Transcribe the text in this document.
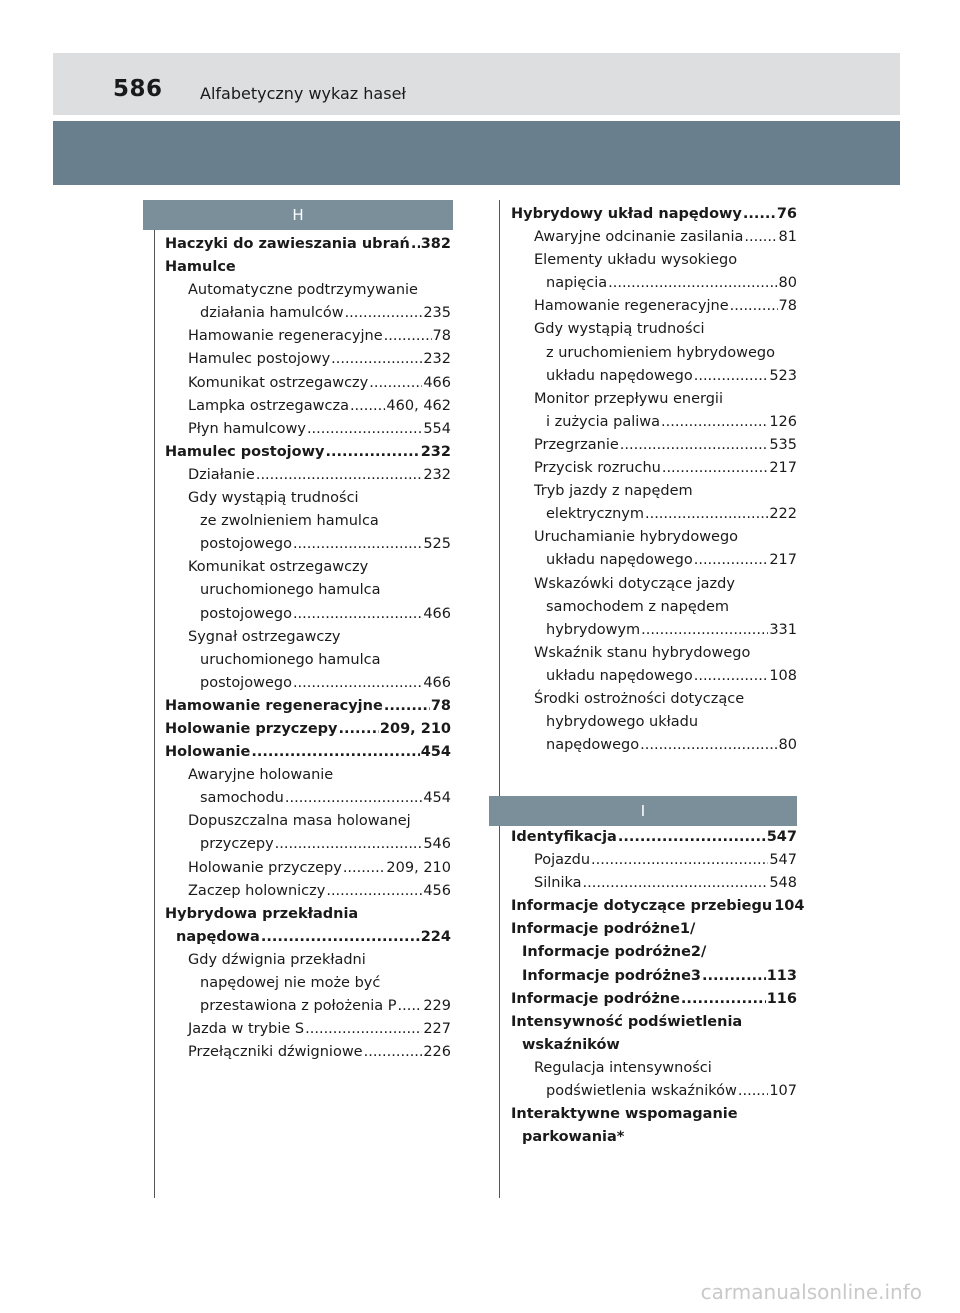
586 Alfabetyczny wykaz haseł
H
Haczyki do zawieszania ubrań ..... 382
Hamulce
Automatyczne podtrzymywanie
działania hamulców .....	235
Hamowanie regeneracyjne .....	78
Hamulec postojowy .....	232
Komunikat ostrzegawczy .....	466
Lampka ostrzegawcza .....	460, 462
Płyn hamulcowy .....	554
Hamulec postojowy .....	232
Działanie .....	232
Gdy wystąpią trudności
ze zwolnieniem hamulca
postojowego .....	525
Komunikat ostrzegawczy
uruchomionego hamulca
postojowego .....	466
Sygnał ostrzegawczy
uruchomionego hamulca
postojowego .....	466
Hamowanie regeneracyjne .....	78
Holowanie przyczepy .....	209, 210
Holowanie .....	454
Awaryjne holowanie
samochodu .....	454
Dopuszczalna masa holowanej
przyczepy .....	546
Holowanie przyczepy .....	209, 210
Zaczep holowniczy .....	456
Hybrydowa przekładnia
napędowa .....	224
Gdy dźwignia przekładni
napędowej nie może być
przestawiona z położenia P ..... 229
Jazda w trybie S .....	227
Przełączniki dźwigniowe .....	226
Hybrydowy układ napędowy ..... 76
Awaryjne odcinanie zasilania ..... 81
Elementy układu wysokiego
napięcia .....	80
Hamowanie regeneracyjne .....	78
Gdy wystąpią trudności
z uruchomieniem hybrydowego
układu napędowego .....	523
Monitor przepływu energii
i zużycia paliwa .....	126
Przegrzanie .....	535
Przycisk rozruchu .....	217
Tryb jazdy z napędem
elektrycznym .....	222
Uruchamianie hybrydowego
układu napędowego .....	217
Wskazówki dotyczące jazdy
samochodem z napędem
hybrydowym .....	331
Wskaźnik stanu hybrydowego
układu napędowego .....	108
Środki ostrożności dotyczące
hybrydowego układu
napędowego .....	80
I
Identyfikacja .....	547
Pojazdu .....	547
Silnika .....	548
Informacje dotyczące przebiegu 104
Informacje podróżne1/
Informacje podróżne2/
Informacje podróżne3 .....	113
Informacje podróżne .....	116
Intensywność podświetlenia
wskaźników
Regulacja intensywności
podświetlenia wskaźników ..... 107
Interaktywne wspomaganie
parkowania*
carmanualsonline.info
